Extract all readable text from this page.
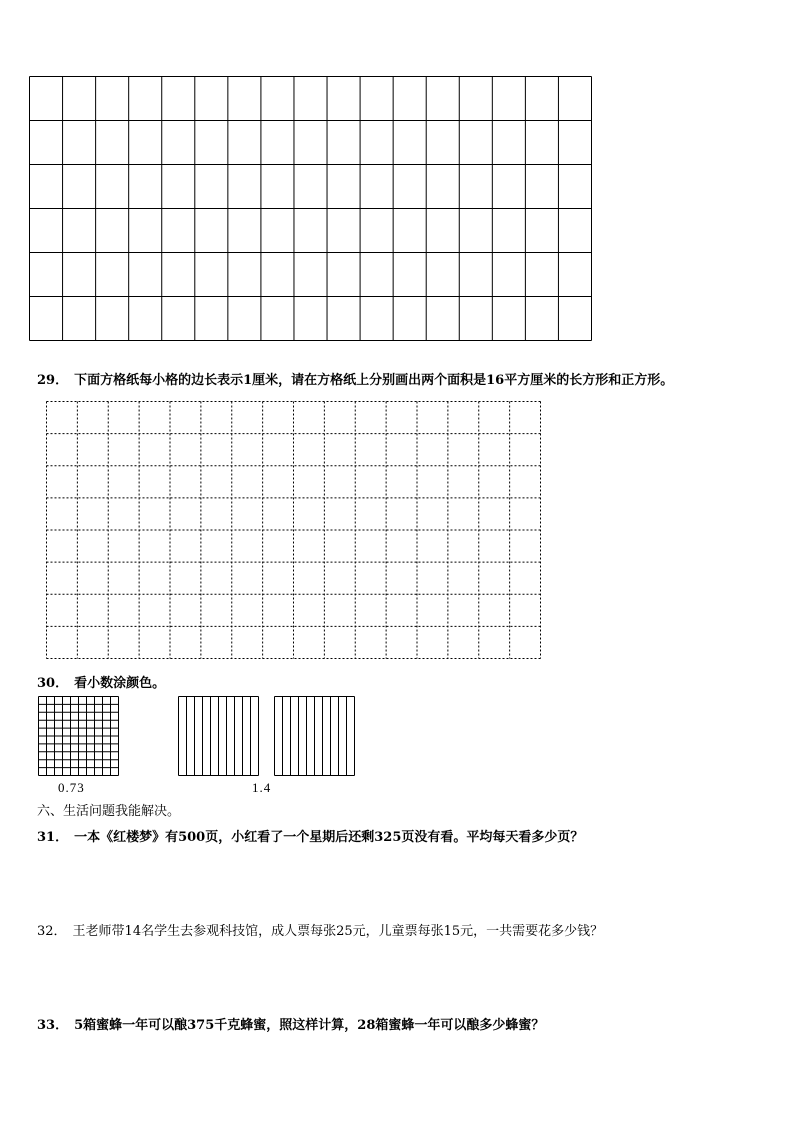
29． 下面方格纸每小格的边长表示1厘米，请在方格纸上分别画出两个面积是16平方厘米的长方形和正方形。
30． 看小数涂颜色。
0.73	1.4
六、生活问题我能解决。
31． 一本《红楼梦》有500页，小红看了一个星期后还剩325页没有看。平均每天看多少页？
32． 王老师带14名学生去参观科技馆，成人票每张25元，儿童票每张15元，一共需要花多少钱？
33． 5箱蜜蜂一年可以酿375千克蜂蜜，照这样计算，28箱蜜蜂一年可以酿多少蜂蜜？
